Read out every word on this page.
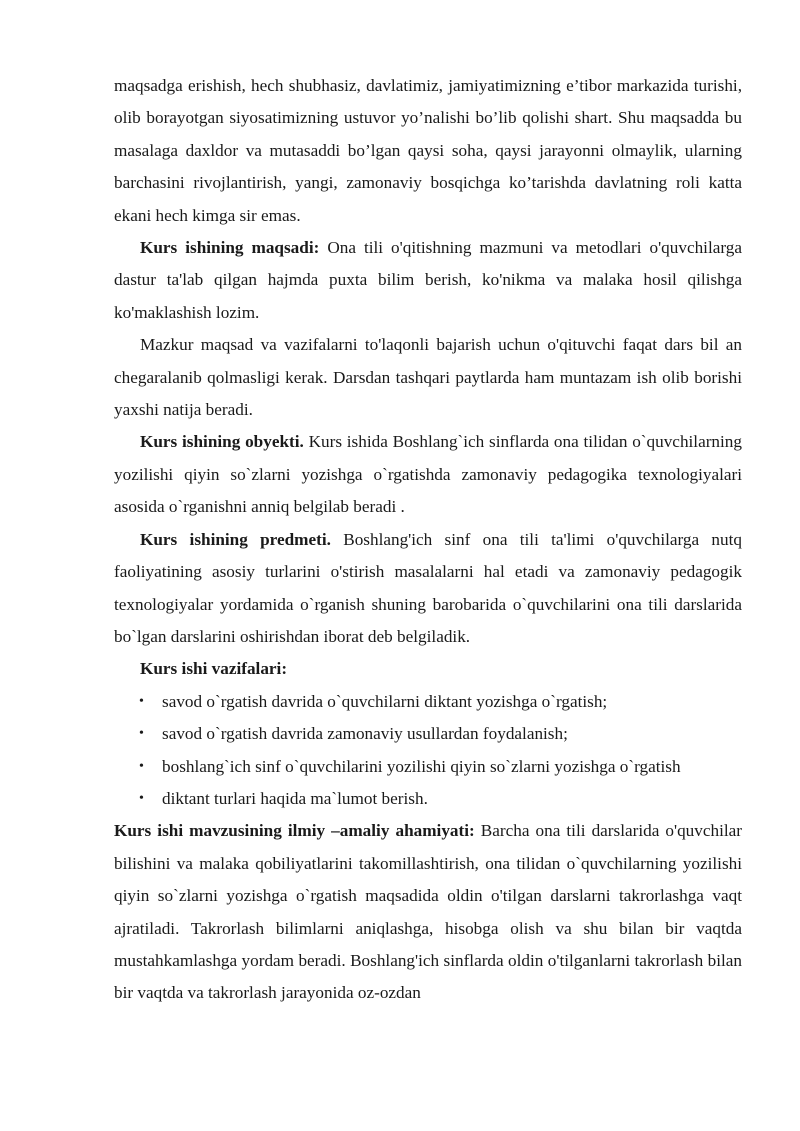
maqsadga erishish, hech shubhasiz, davlatimiz, jamiyatimizning e’tibor markazida turishi, olib borayotgan siyosatimizning ustuvor yo’nalishi bo’lib qolishi shart. Shu maqsadda bu masalaga daxldor va mutasaddi bo’lgan qaysi soha, qaysi jarayonni olmaylik, ularning barchasini rivojlantirish, yangi, zamonaviy bosqichga ko’tarishda davlatning roli katta ekani hech kimga sir emas.

Kurs ishining maqsadi: Ona tili o'qitishning mazmuni va metodlari o'quvchilarga dastur ta'lab qilgan hajmda puxta bilim berish, ko'nikma va malaka hosil qilishga ko'maklashish lozim.

Mazkur maqsad va vazifalarni to'laqonli bajarish uchun o'qituvchi faqat dars bil an chegaralanib qolmasligi kerak. Darsdan tashqari paytlarda ham muntazam ish olib borishi yaxshi natija beradi.

Kurs ishining obyekti. Kurs ishida Boshlang`ich sinflarda ona tilidan o`quvchilarning yozilishi qiyin so`zlarni yozishga o`rgatishda zamonaviy pedagogika texnologiyalari asosida o`rganishni anniq belgilab beradi .

Kurs ishining predmeti. Boshlang'ich sinf ona tili ta'limi o'quvchilarga nutq faoliyatining asosiy turlarini o'stirish masalalarni hal etadi va zamonaviy pedagogik texnologiyalar yordamida o`rganish shuning barobarida o`quvchilarini ona tili darslarida bo`lgan darslarini oshirishdan iborat deb belgiladik.

Kurs ishi vazifalari:
• savod o`rgatish davrida o`quvchilarni diktant yozishga o`rgatish;
• savod o`rgatish davrida zamonaviy usullardan foydalanish;
• boshlang`ich sinf o`quvchilarini yozilishi qiyin so`zlarni yozishga o`rgatish
• diktant turlari haqida ma`lumot berish.

Kurs ishi mavzusining ilmiy –amaliy ahamiyati: Barcha ona tili darslarida o'quvchilar bilishini va malaka qobiliyatlarini takomillashtirish, ona tilidan o`quvchilarning yozilishi qiyin so`zlarni yozishga o`rgatish maqsadida oldin o'tilgan darslarni takrorlashga vaqt ajratiladi. Takrorlash bilimlarni aniqlashga, hisobga olish va shu bilan bir vaqtda mustahkamlashga yordam beradi. Boshlang'ich sinflarda oldin o'tilganlarni takrorlash bilan bir vaqtda va takrorlash jarayonida oz-ozdan
